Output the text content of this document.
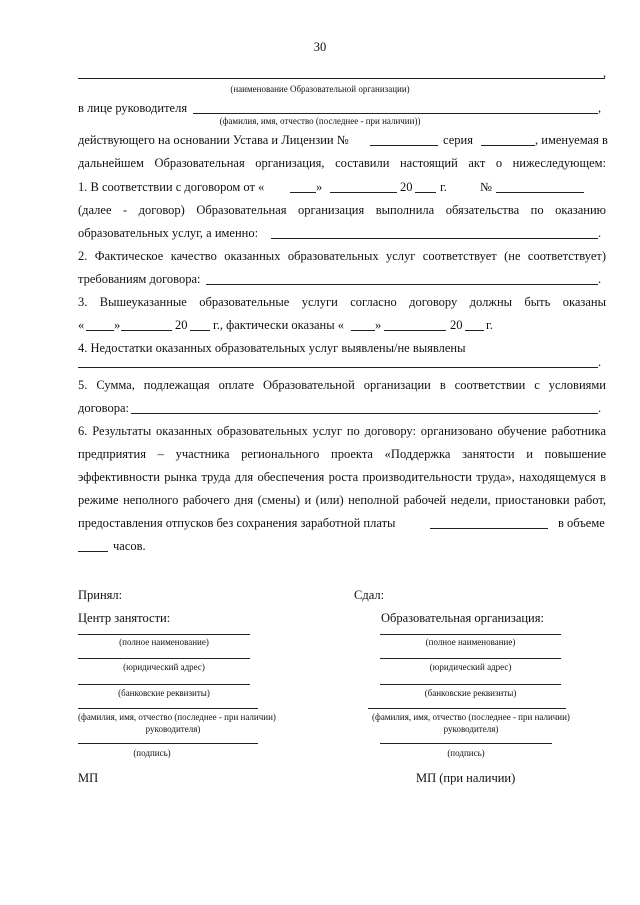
30
,
(наименование Образовательной организации)
в лице руководителя	,
(фамилия, имя, отчество (последнее - при наличии))
действующего на основании Устава и Лицензии №	серия	, именуемая в
дальнейшем Образовательная организация, составили настоящий акт о нижеследующем:
1. В соответствии с договором от «	»	20 г.	№
(далее - договор) Образовательная организация выполнила обязательства по оказанию
образовательных услуг, а именно:	.
2. Фактическое качество оказанных образовательных услуг соответствует (не соответствует)
требованиям договора:	.
3. Вышеуказанные образовательные услуги согласно договору должны быть оказаны
« »	20 г., фактически оказаны « »	20 г.
4. Недостатки оказанных образовательных услуг выявлены/не выявлены
.
5. Сумма, подлежащая оплате Образовательной организации в соответствии с условиями
договора:	.
6. Результаты оказанных образовательных услуг по договору: организовано обучение работника
предприятия – участника регионального проекта «Поддержка занятости и повышение
эффективности рынка труда для обеспечения роста производительности труда», находящемуся в
режиме неполного рабочего дня (смены) и (или) неполной рабочей недели, приостановки работ,
предоставления отпусков без сохранения заработной платы	в объеме
часов.
Принял:
Центр занятости:
(полное наименование)
(юридический адрес)
(банковские реквизиты)
(фамилия, имя, отчество (последнее - при наличии)
руководителя)
(подпись)
МП
Сдал:
Образовательная организация:
(полное наименование)
(юридический адрес)
(банковские реквизиты)
(фамилия, имя, отчество (последнее - при наличии)
руководителя)
(подпись)
МП (при наличии)
